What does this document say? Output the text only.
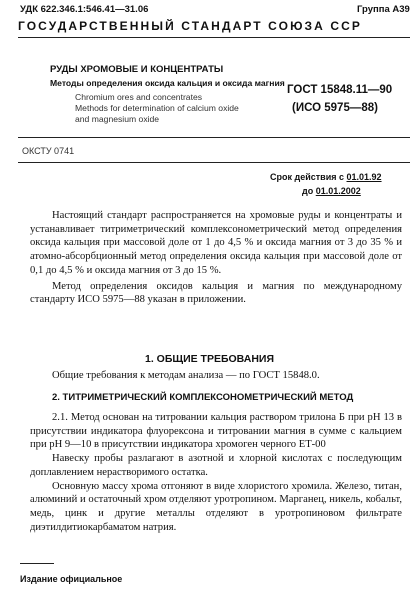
УДК 622.346.1:546.41—31.06	Группа А39
ГОСУДАРСТВЕННЫЙ СТАНДАРТ СОЮЗА ССР
РУДЫ ХРОМОВЫЕ И КОНЦЕНТРАТЫ
Методы определения оксида кальция и оксида магния
Chromium ores and concentrates
Methods for determination of calcium oxide
and magnesium oxide
ГОСТ 15848.11—90
(ИСО 5975—88)
ОКСТУ 0741
Срок действия с 01.01.92
до 01.01.2002

Настоящий стандарт распространяется на хромовые руды и концентраты и устанавливает титриметрический комплексонометрический метод определения оксида кальция при массовой доле от 1 до 4,5 % и оксида магния от 3 до 35 % и атомно-абсорбционный метод определения оксида кальция при массовой доле от 0,1 до 4,5 % и оксида магния от 3 до 15 %.

Метод определения оксидов кальция и магния по международному стандарту ИСО 5975—88 указан в приложении.

1. ОБЩИЕ ТРЕБОВАНИЯ
Общие требования к методам анализа — по ГОСТ 15848.0.
2. ТИТРИМЕТРИЧЕСКИЙ КОМПЛЕКСОНОМЕТРИЧЕСКИЙ МЕТОД

2.1. Метод основан на титровании кальция раствором трилона Б при pH 13 в присутствии индикатора флуорексона и титровании магния в сумме с кальцием при pH 9—10 в присутствии индикатора хромоген черного ЕТ-00

Навеску пробы разлагают в азотной и хлорной кислотах с последующим доплавлением нерастворимого остатка.

Основную массу хрома отгоняют в виде хлористого хромила. Железо, титан, алюминий и остаточный хром отделяют уротропином. Марганец, никель, кобальт, медь, цинк и другие металлы отделяют в уротропиновом фильтрате диэтилдитиокарбаматом натрия.

Издание официальное
